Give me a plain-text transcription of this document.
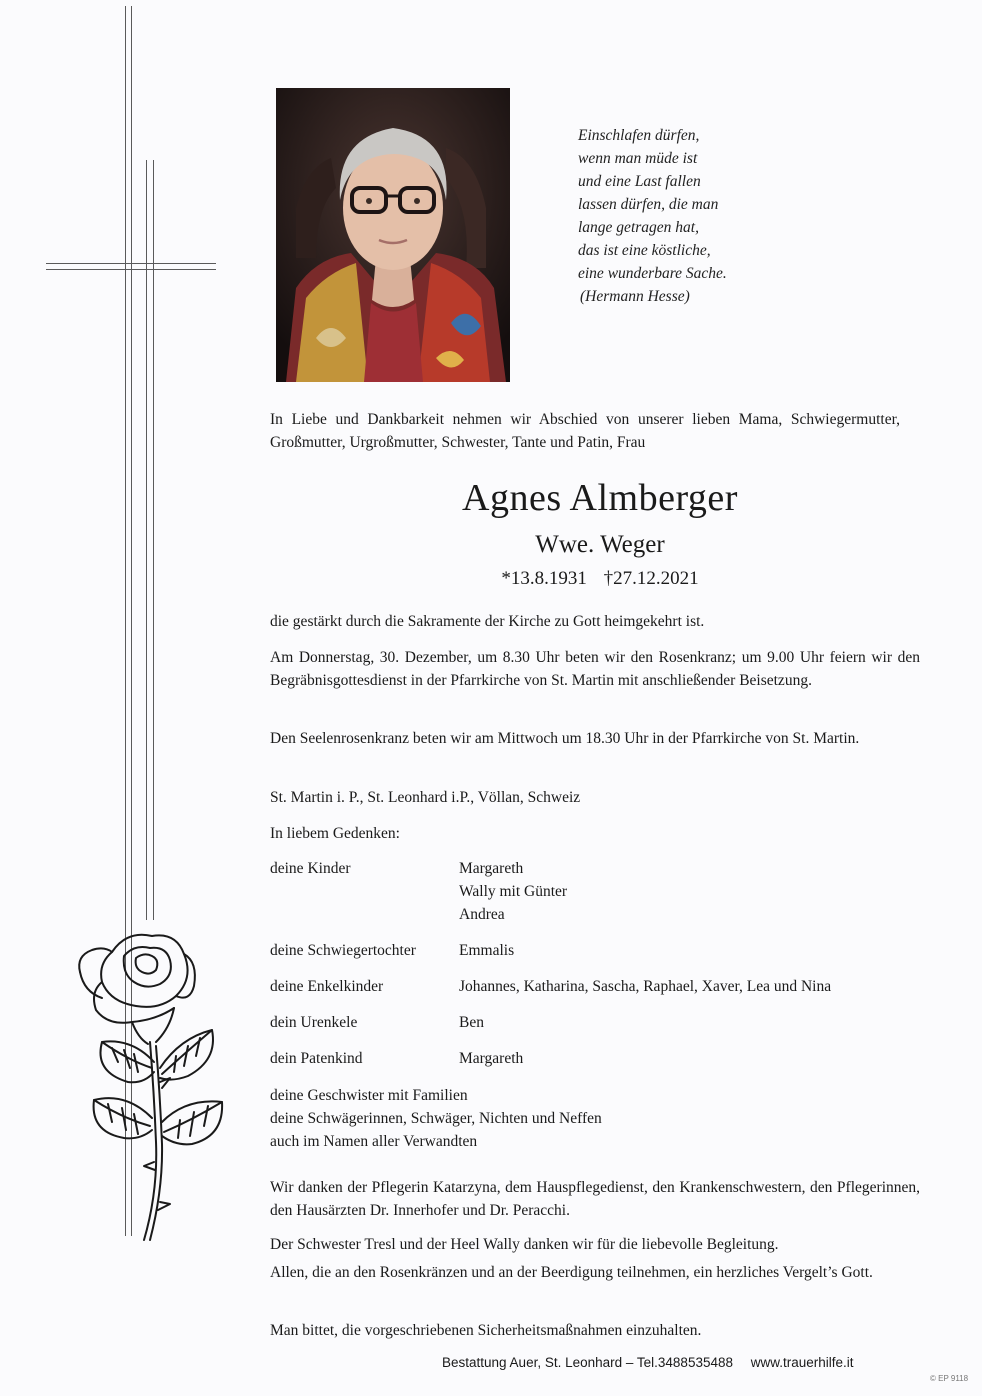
Einschlafen dürfen,
wenn man müde ist
und eine Last fallen
lassen dürfen, die man
lange getragen hat,
das ist eine köstliche,
eine wunderbare Sache.
(Hermann Hesse)
In Liebe und Dankbarkeit nehmen wir Abschied von unserer lieben Mama, Schwiegermutter, Großmutter, Urgroßmutter, Schwester, Tante und Patin, Frau
Agnes Almberger
Wwe. Weger
*13.8.1931 †27.12.2021
die gestärkt durch die Sakramente der Kirche zu Gott heimgekehrt ist.
Am Donnerstag, 30. Dezember, um 8.30 Uhr beten wir den Rosenkranz; um 9.00 Uhr feiern wir den Begräbnisgottesdienst in der Pfarrkirche von St. Martin mit anschließender Beisetzung.
Den Seelenrosenkranz beten wir am Mittwoch um 18.30 Uhr in der Pfarrkirche von St. Martin.
St. Martin i. P., St. Leonhard i.P., Völlan, Schweiz
In liebem Gedenken:
deine Kinder	Margareth
Wally mit Günter
Andrea
deine Schwiegertochter	Emmalis
deine Enkelkinder	Johannes, Katharina, Sascha, Raphael, Xaver, Lea und Nina
dein Urenkele	Ben
dein Patenkind	Margareth
deine Geschwister mit Familien
deine Schwägerinnen, Schwäger, Nichten und Neffen
auch im Namen aller Verwandten
Wir danken der Pflegerin Katarzyna, dem Hauspflegedienst, den Krankenschwestern, den Pflegerinnen, den Hausärzten Dr. Innerhofer und Dr. Peracchi.
Der Schwester Tresl und der Heel Wally danken wir für die liebevolle Begleitung.
Allen, die an den Rosenkränzen und an der Beerdigung teilnehmen, ein herzliches Vergelt’s Gott.
Man bittet, die vorgeschriebenen Sicherheitsmaßnahmen einzuhalten.
Bestattung Auer, St. Leonhard – Tel.3488535488 www.trauerhilfe.it
© EP 9118
